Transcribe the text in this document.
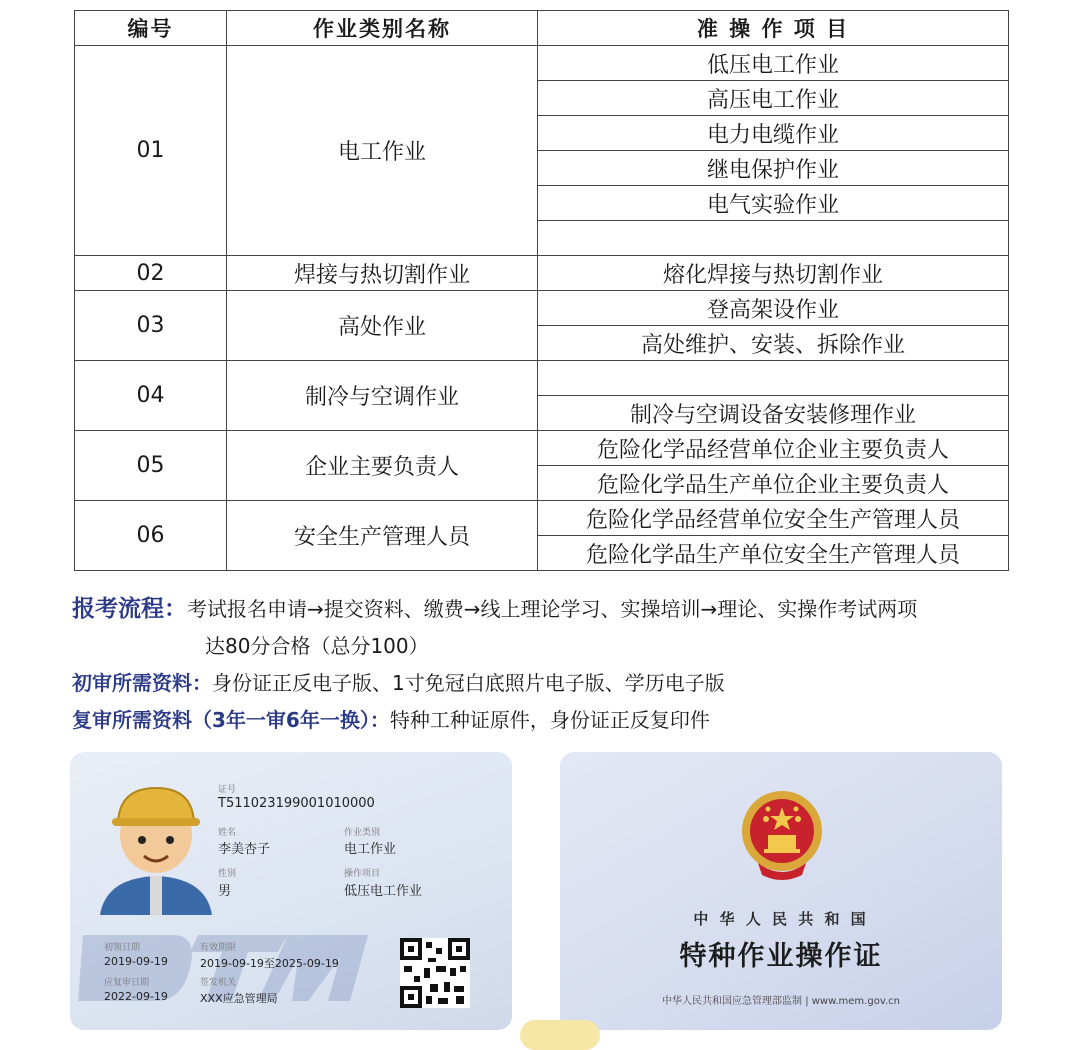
编号	作业类别名称	准 操 作 项 目
01	电工作业	低压电工作业
		高压电工作业
		电力电缆作业
		继电保护作业
		电气实验作业

02	焊接与热切割作业	熔化焊接与热切割作业
03	高处作业	登高架设作业
		高处维护、安装、拆除作业
04	制冷与空调作业	
		制冷与空调设备安装修理作业
05	企业主要负责人	危险化学品经营单位企业主要负责人
		危险化学品生产单位企业主要负责人
06	安全生产管理人员	危险化学品经营单位安全生产管理人员
		危险化学品生产单位安全生产管理人员
报考流程：考试报名申请→提交资料、缴费→线上理论学习、实操培训→理论、实操作考试两项
达80分合格（总分100）
初审所需资料：身份证正反电子版、1寸免冠白底照片电子版、学历电子版
复审所需资料（3年一审6年一换）：特种工种证原件，身份证正反复印件
证号
T511023199001010000
姓名
李美杏子
作业类别
电工作业
性别
男
操作项目
低压电工作业
初领日期
2019-09-19
有效期限
2019-09-19至2025-09-19
应复审日期
2022-09-19
签发机关
XXX应急管理局
中 华 人 民 共 和 国
特种作业操作证
中华人民共和国应急管理部监制 | www.mem.gov.cn
